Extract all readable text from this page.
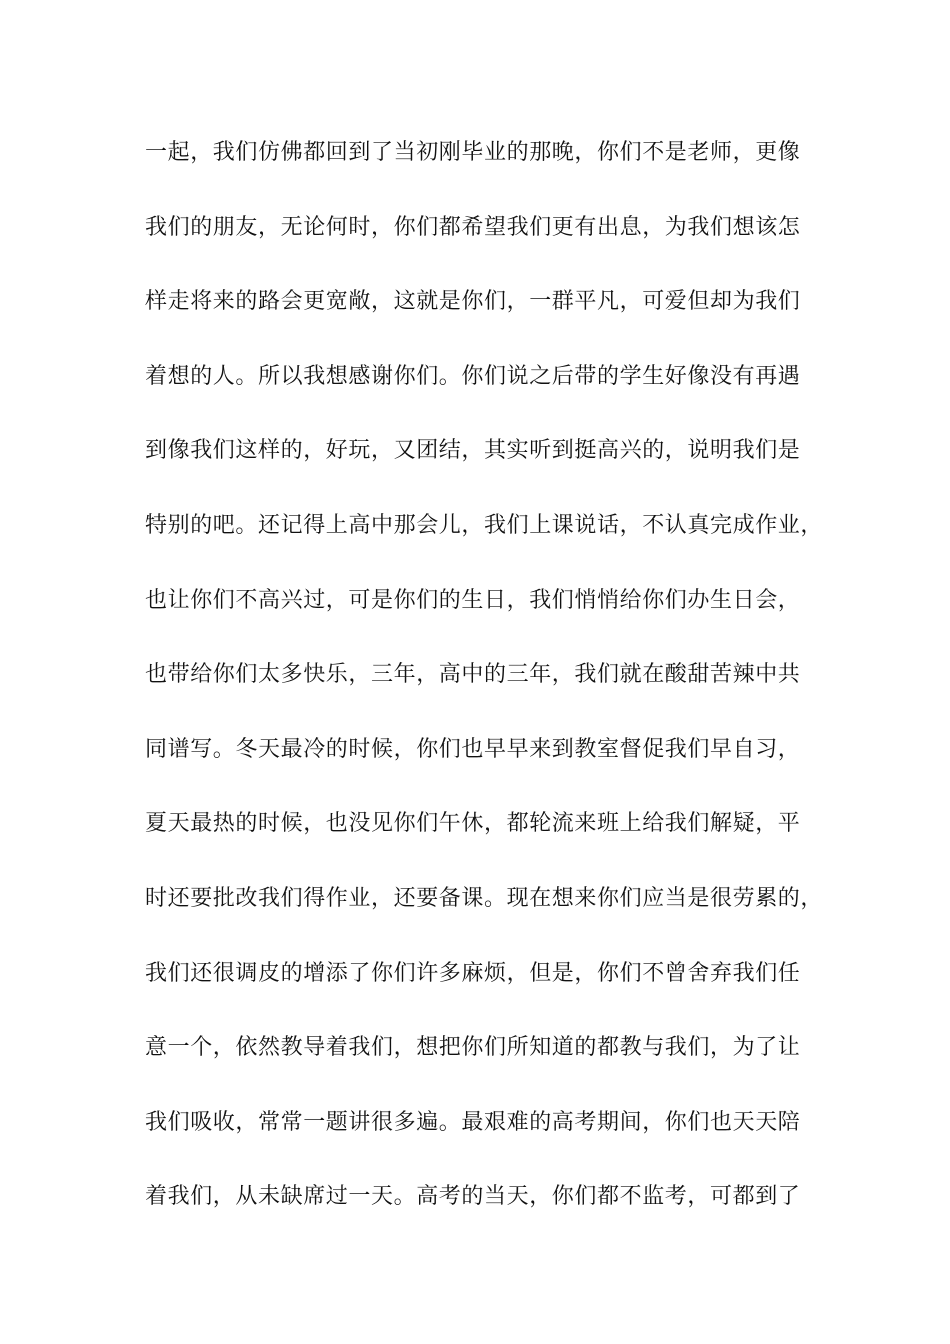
一起，我们仿佛都回到了当初刚毕业的那晚，你们不是老师，更像
我们的朋友，无论何时，你们都希望我们更有出息，为我们想该怎
样走将来的路会更宽敞，这就是你们，一群平凡，可爱但却为我们
着想的人。所以我想感谢你们。你们说之后带的学生好像没有再遇
到像我们这样的，好玩，又团结，其实听到挺高兴的，说明我们是
特别的吧。还记得上高中那会儿，我们上课说话，不认真完成作业，
也让你们不高兴过，可是你们的生日，我们悄悄给你们办生日会，
也带给你们太多快乐，三年，高中的三年，我们就在酸甜苦辣中共
同谱写。冬天最冷的时候，你们也早早来到教室督促我们早自习，
夏天最热的时候，也没见你们午休，都轮流来班上给我们解疑，平
时还要批改我们得作业，还要备课。现在想来你们应当是很劳累的，
我们还很调皮的增添了你们许多麻烦，但是，你们不曾舍弃我们任
意一个，依然教导着我们，想把你们所知道的都教与我们，为了让
我们吸收，常常一题讲很多遍。最艰难的高考期间，你们也天天陪
着我们，从未缺席过一天。高考的当天，你们都不监考，可都到了
